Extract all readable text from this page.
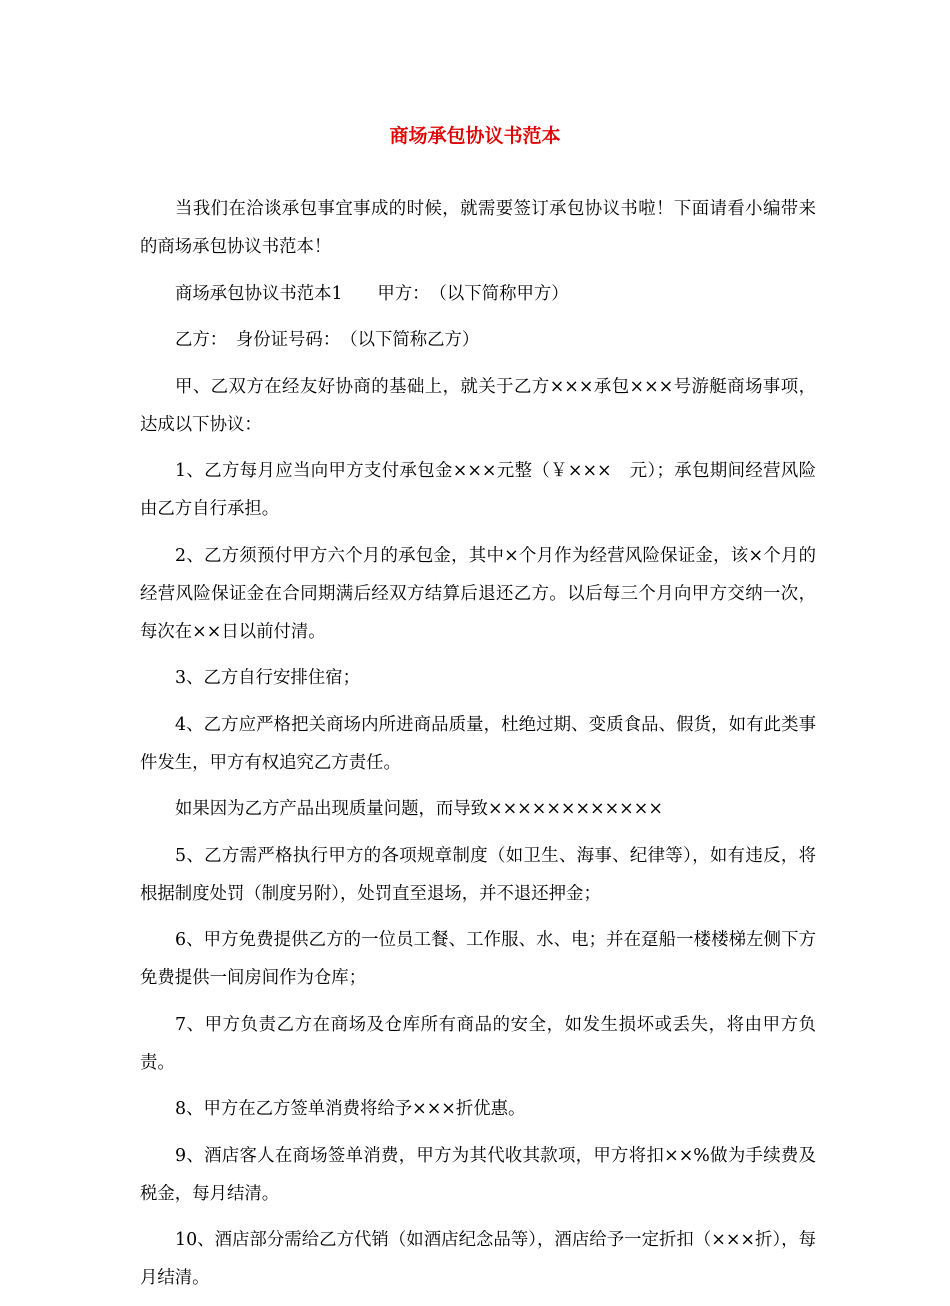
商场承包协议书范本

当我们在洽谈承包事宜事成的时候，就需要签订承包协议书啦！下面请看小编带来的商场承包协议书范本！

商场承包协议书范本1　　甲方：　（以下简称甲方）

乙方：　身份证号码：　（以下简称乙方）

甲、乙双方在经友好协商的基础上，就关于乙方×××承包×××号游艇商场事项，达成以下协议：

1、乙方每月应当向甲方支付承包金×××元整（￥×××　元）；承包期间经营风险由乙方自行承担。

2、乙方须预付甲方六个月的承包金，其中×个月作为经营风险保证金，该×个月的经营风险保证金在合同期满后经双方结算后退还乙方。以后每三个月向甲方交纳一次，每次在××日以前付清。

3、乙方自行安排住宿；

4、乙方应严格把关商场内所进商品质量，杜绝过期、变质食品、假货，如有此类事件发生，甲方有权追究乙方责任。

如果因为乙方产品出现质量问题，而导致××××××××××××

5、乙方需严格执行甲方的各项规章制度（如卫生、海事、纪律等），如有违反，将根据制度处罚（制度另附），处罚直至退场，并不退还押金；

6、甲方免费提供乙方的一位员工餐、工作服、水、电；并在趸船一楼楼梯左侧下方免费提供一间房间作为仓库；

7、甲方负责乙方在商场及仓库所有商品的安全，如发生损坏或丢失，将由甲方负责。

8、甲方在乙方签单消费将给予×××折优惠。

9、酒店客人在商场签单消费，甲方为其代收其款项，甲方将扣××%做为手续费及税金，每月结清。

10、酒店部分需给乙方代销（如酒店纪念品等），酒店给予一定折扣（×××折），每月结清。
